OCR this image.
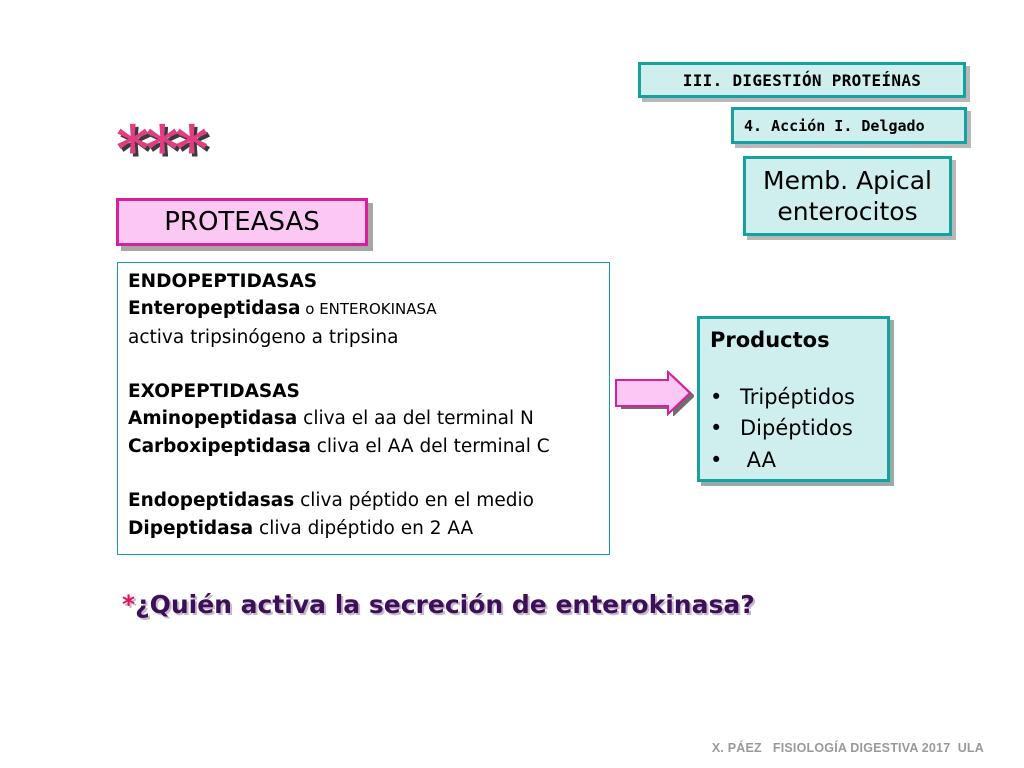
III. DIGESTIÓN PROTEÍNAS
4. Acción I. Delgado
Memb. Apical
enterocitos
***
PROTEASAS
ENDOPEPTIDASAS
Enteropeptidasa o ENTEROKINASA
activa tripsinógeno a tripsina
EXOPEPTIDASAS
Aminopeptidasa cliva el aa del terminal N
Carboxipeptidasa cliva el AA del terminal C
Endopeptidasas cliva péptido en el medio
Dipeptidasa cliva dipéptido en 2 AA
Productos
• Tripéptidos
• Dipéptidos
• AA
*¿Quién activa la secreción de enterokinasa?
X. PÁEZ   FISIOLOGÍA DIGESTIVA 2017  ULA
